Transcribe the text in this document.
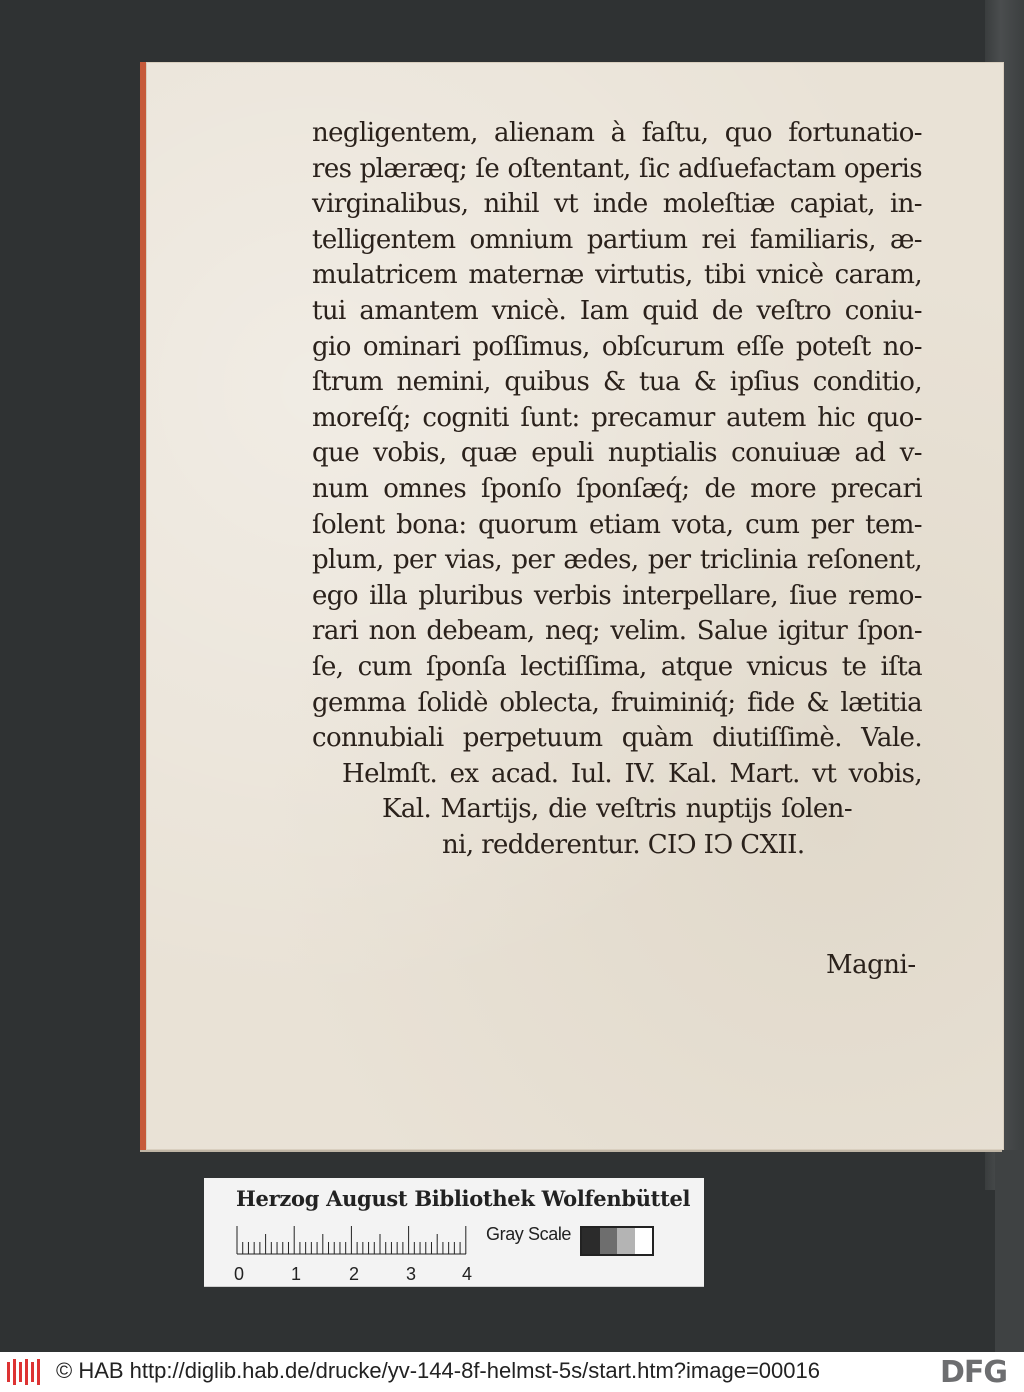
negligentem, alienam à faſtu, quo fortunatio-
res plæræq; ſe oſtentant, ſic adſuefactam operis
virginalibus, nihil vt inde moleſtiæ capiat, in-
telligentem omnium partium rei familiaris, æ-
mulatricem maternæ virtutis, tibi vnicè caram,
tui amantem vnicè. Iam quid de veſtro coniu-
gio ominari poſſimus, obſcurum eſſe poteſt no-
ſtrum nemini, quibus & tua & ipſius conditio,
moreſq́; cogniti ſunt: precamur autem hic quo-
que vobis, quæ epuli nuptialis conuiuæ ad v-
num omnes ſponſo ſponſæq́; de more precari
ſolent bona: quorum etiam vota, cum per tem-
plum, per vias, per ædes, per triclinia reſonent,
ego illa pluribus verbis interpellare, ſiue remo-
rari non debeam, neq; velim. Salue igitur ſpon-
ſe, cum ſponſa lectiſſima, atque vnicus te iſta
gemma ſolidè oblecta, fruiminiq́; fide & lætitia
connubiali perpetuum quàm diutiſſimè. Vale.
Helmſt. ex acad. Iul. IV. Kal. Mart. vt vobis,
Kal. Martijs, die veſtris nuptijs ſolen-
ni, redderentur. CIↃ IↃ CXII.
Magni-
Herzog August Bibliothek Wolfenbüttel
0	1	2	3	4
Gray Scale
© HAB http://diglib.hab.de/drucke/yv-144-8f-helmst-5s/start.htm?image=00016	DFG
